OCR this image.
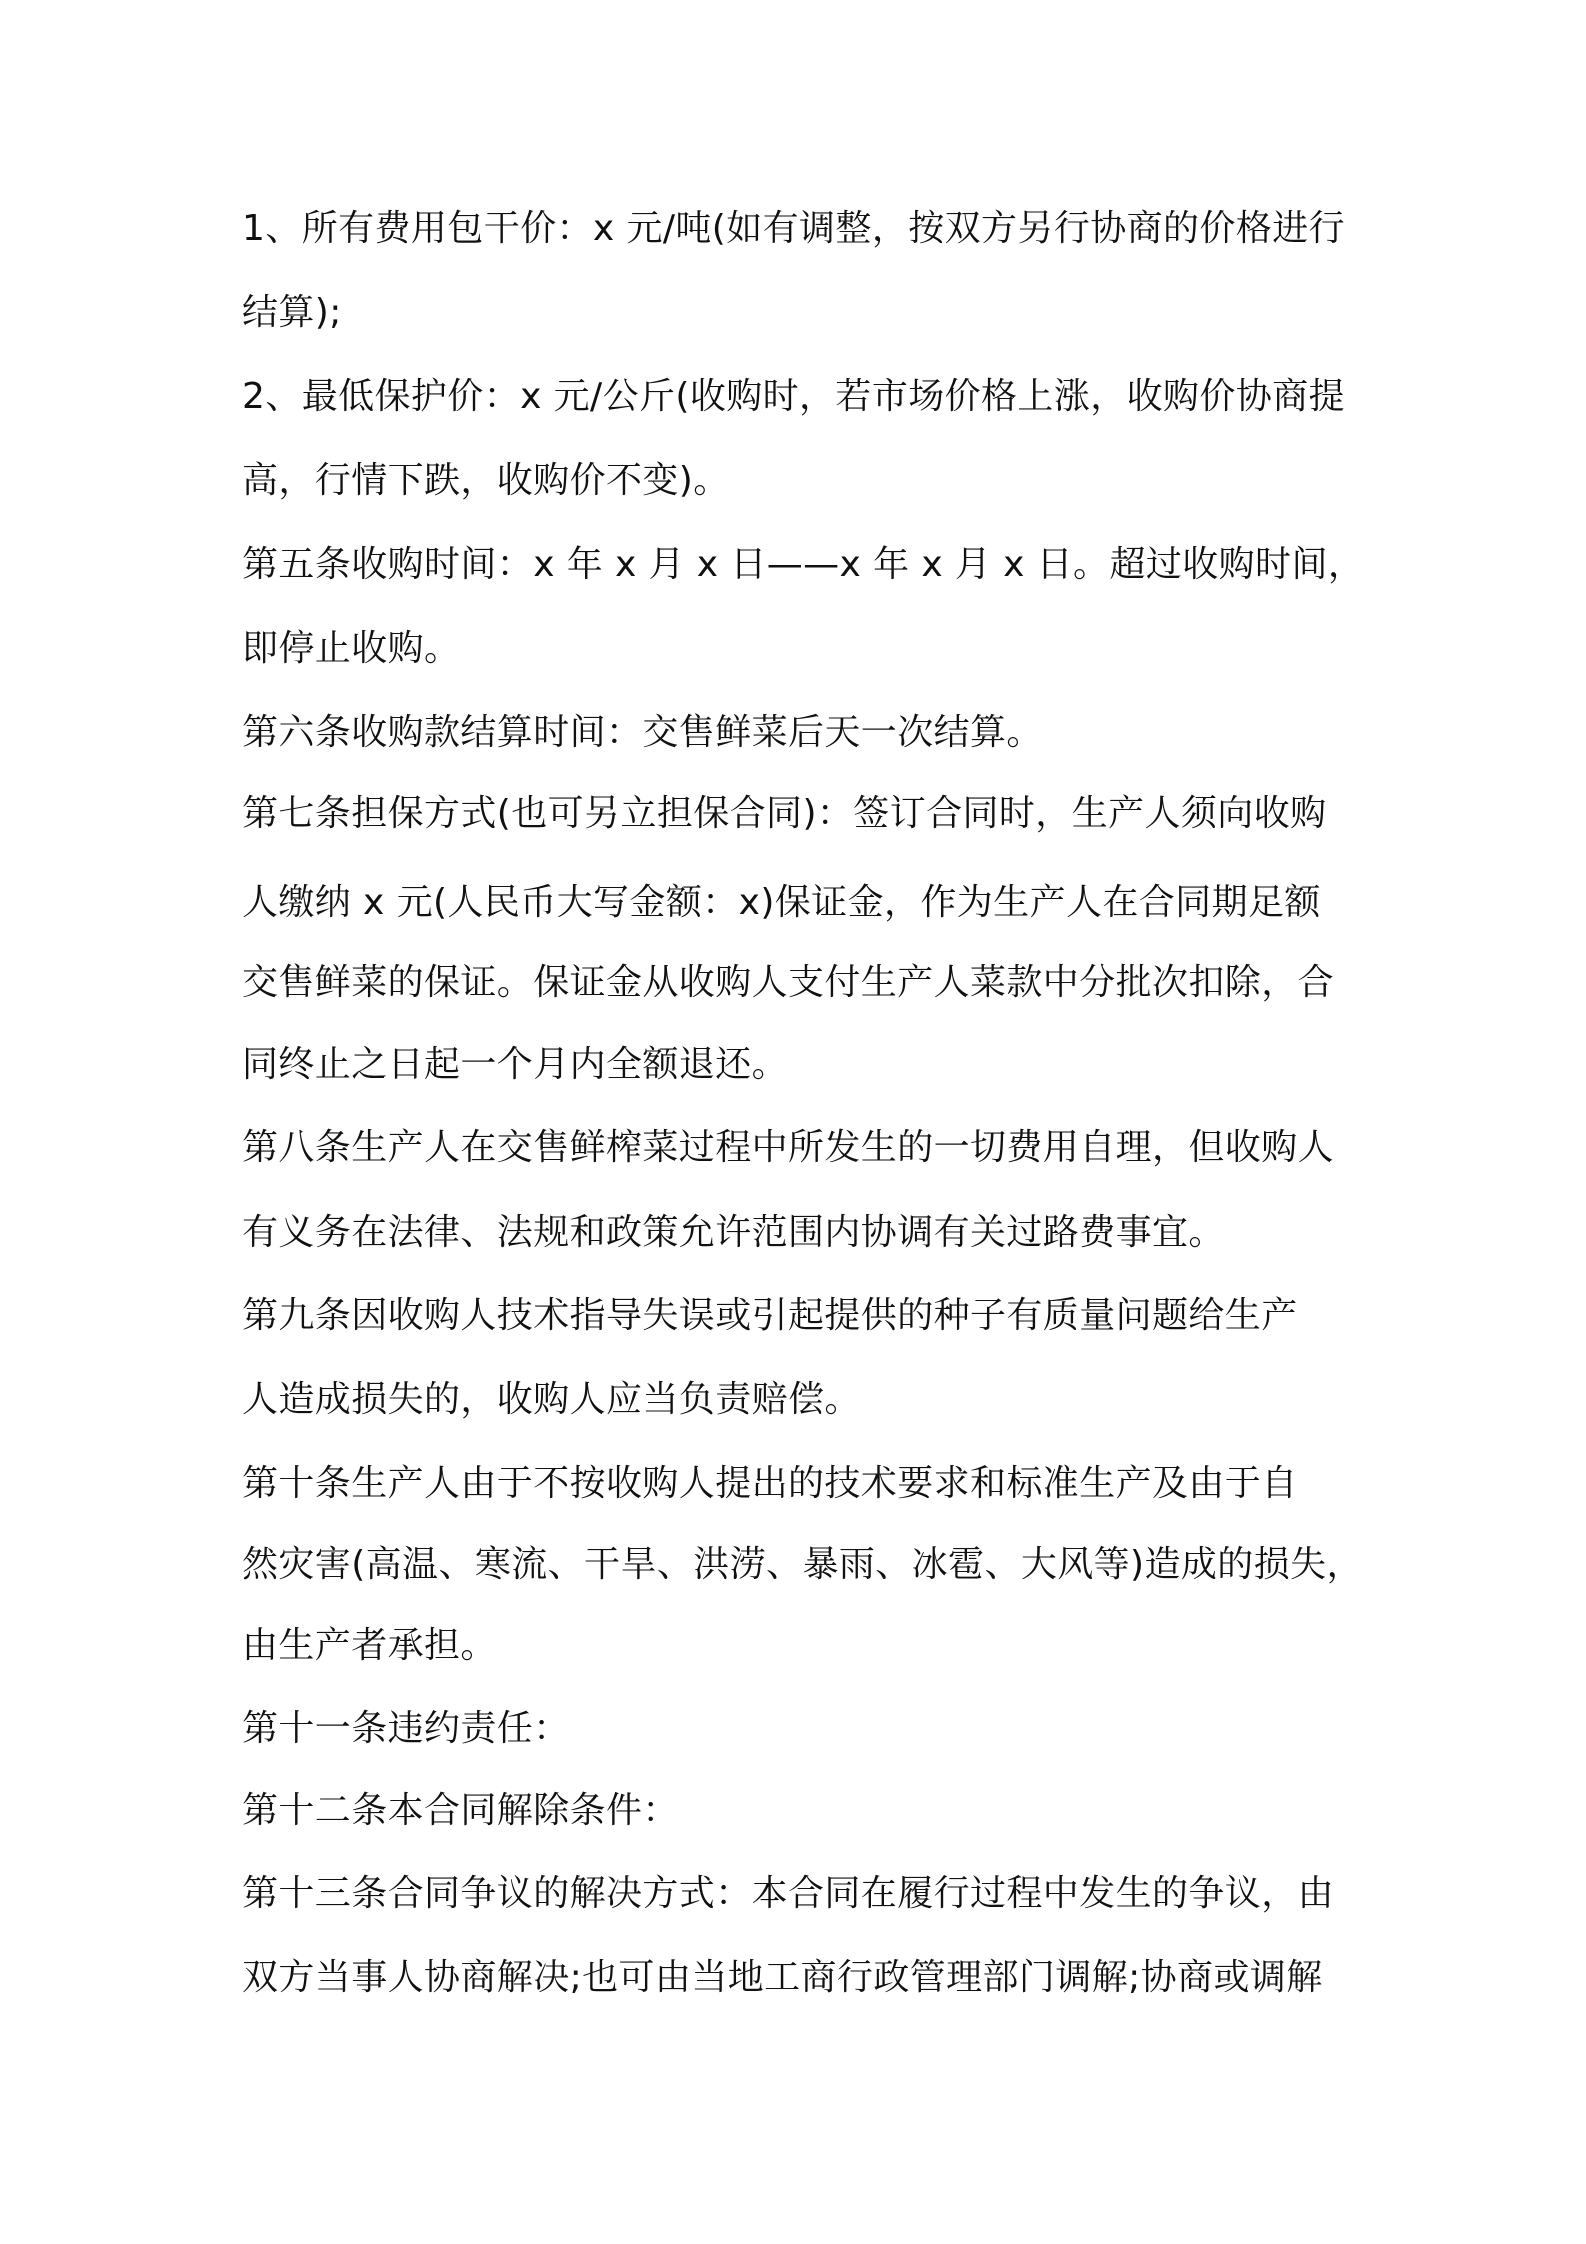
1、所有费用包干价：x 元/吨(如有调整，按双方另行协商的价格进行
结算);
2、最低保护价：x 元/公斤(收购时，若市场价格上涨，收购价协商提
高，行情下跌，收购价不变)。
第五条收购时间：x 年 x 月 x 日——x 年 x 月 x 日。超过收购时间，
即停止收购。
第六条收购款结算时间：交售鲜菜后天一次结算。
第七条担保方式(也可另立担保合同)：签订合同时，生产人须向收购
人缴纳 x 元(人民币大写金额：x)保证金，作为生产人在合同期足额
交售鲜菜的保证。保证金从收购人支付生产人菜款中分批次扣除，合
同终止之日起一个月内全额退还。
第八条生产人在交售鲜榨菜过程中所发生的一切费用自理，但收购人
有义务在法律、法规和政策允许范围内协调有关过路费事宜。
第九条因收购人技术指导失误或引起提供的种子有质量问题给生产
人造成损失的，收购人应当负责赔偿。
第十条生产人由于不按收购人提出的技术要求和标准生产及由于自
然灾害(高温、寒流、干旱、洪涝、暴雨、冰雹、大风等)造成的损失，
由生产者承担。
第十一条违约责任：
第十二条本合同解除条件：
第十三条合同争议的解决方式：本合同在履行过程中发生的争议，由
双方当事人协商解决;也可由当地工商行政管理部门调解;协商或调解
